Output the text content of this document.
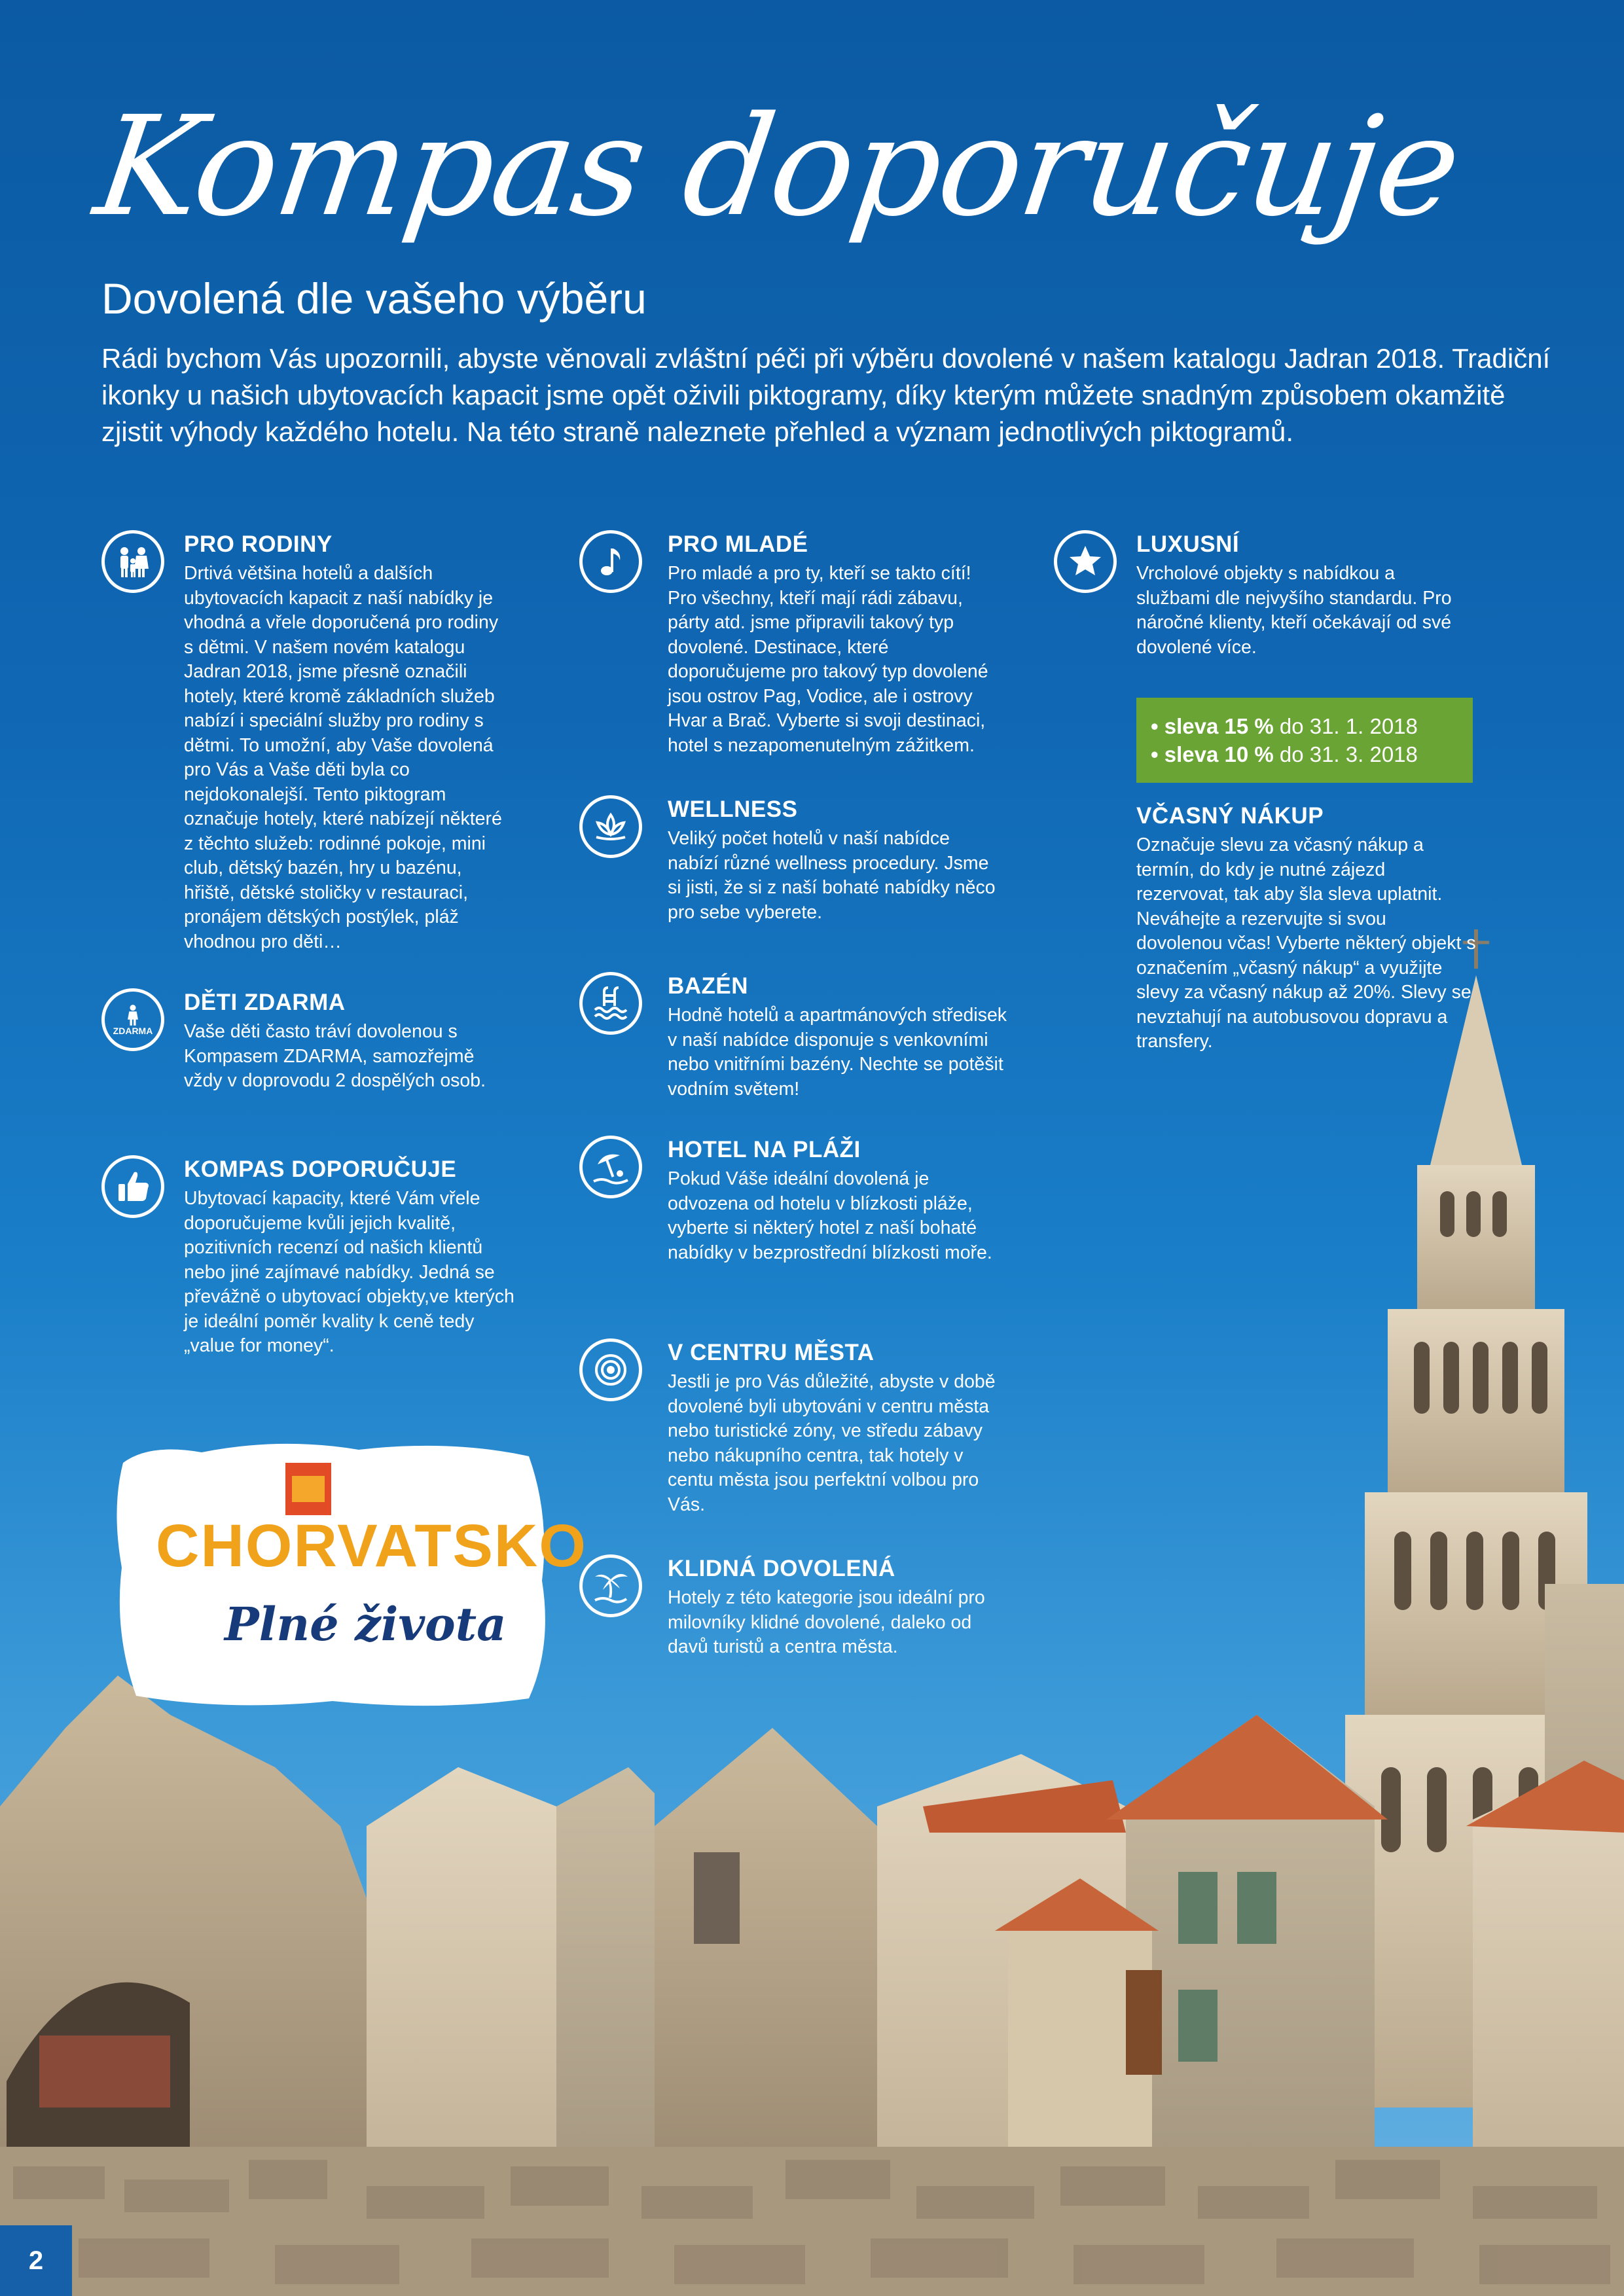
Kompas doporučuje
Dovolená dle vašeho výběru
Rádi bychom Vás upozornili, abyste věnovali zvláštní péči při výběru dovolené v našem katalogu Jadran 2018. Tradiční ikonky u našich ubytovacích kapacit jsme opět oživili piktogramy, díky kterým můžete snadným způsobem okamžitě zjistit výhody každého hotelu. Na této straně naleznete přehled a význam jednotlivých piktogramů.
PRO RODINY

Drtivá většina hotelů a dalších ubytovacích kapacit z naší nabídky je vhodná a vřele doporučená pro rodiny s dětmi. V našem novém katalogu Jadran 2018, jsme přesně označili hotely, které kromě základních služeb nabízí i speciální služby pro rodiny s dětmi. To umožní, aby Vaše dovolená pro Vás a Vaše děti byla co nejdokonalejší. Tento piktogram označuje hotely, které nabízejí některé z těchto služeb: rodinné pokoje, mini club, dětský bazén, hry u bazénu, hřiště, dětské stoličky v restauraci, pronájem dětských postýlek, pláž vhodnou pro děti…

ZDARMA
DĚTI ZDARMA

Vaše děti často tráví dovolenou s Kompasem ZDARMA, samozřejmě vždy v doprovodu 2 dospělých osob.

KOMPAS DOPORUČUJE

Ubytovací kapacity, které Vám vřele doporučujeme kvůli jejich kvalitě, pozitivních recenzí od našich klientů nebo jiné zajímavé nabídky. Jedná se převážně o ubytovací objekty,ve kterých je ideální poměr kvality k ceně tedy „value for money“.

PRO MLADÉ

Pro mladé a pro ty, kteří se takto cítí! Pro všechny, kteří mají rádi zábavu, párty atd. jsme připravili takový typ dovolené. Destinace, které doporučujeme pro takový typ dovolené jsou ostrov Pag, Vodice, ale i ostrovy Hvar a Brač. Vyberte si svoji destinaci, hotel s nezapomenutelným zážitkem.

WELLNESS

Veliký počet hotelů v naší nabídce nabízí různé wellness procedury. Jsme si jisti, že si z naší bohaté nabídky něco pro sebe vyberete.

BAZÉN

Hodně hotelů a apartmánových středisek v naší nabídce disponuje s venkovními nebo vnitřními bazény. Nechte se potěšit vodním světem!

HOTEL NA PLÁŽI

Pokud Váše ideální dovolená je odvozena od hotelu v blízkosti pláže, vyberte si některý hotel z naší bohaté nabídky v bezprostřední blízkosti moře.

V CENTRU MĚSTA

Jestli je pro Vás důležité, abyste v době dovolené byli ubytováni v centru města nebo turistické zóny, ve středu zábavy nebo nákupního centra, tak hotely v centu města jsou perfektní volbou pro Vás.

KLIDNÁ DOVOLENÁ

Hotely z této kategorie jsou ideální pro milovníky klidné dovolené, daleko od davů turistů a centra města.

LUXUSNÍ

Vrcholové objekty s nabídkou a službami dle nejvyšího standardu. Pro náročné klienty, kteří očekávají od své dovolené více.

• sleva 15 % do 31. 1. 2018
• sleva 10 % do 31. 3. 2018
VČASNÝ NÁKUP

Označuje slevu za včasný nákup a termín, do kdy je nutné zájezd rezervovat, tak aby šla sleva uplatnit. Neváhejte a rezervujte si svou dovolenou včas! Vyberte některý objekt s označením „včasný nákup“ a využijte slevy za včasný nákup až 20%. Slevy se nevztahují na autobusovou dopravu a transfery.

CHORVATSKO
Plné života
2
